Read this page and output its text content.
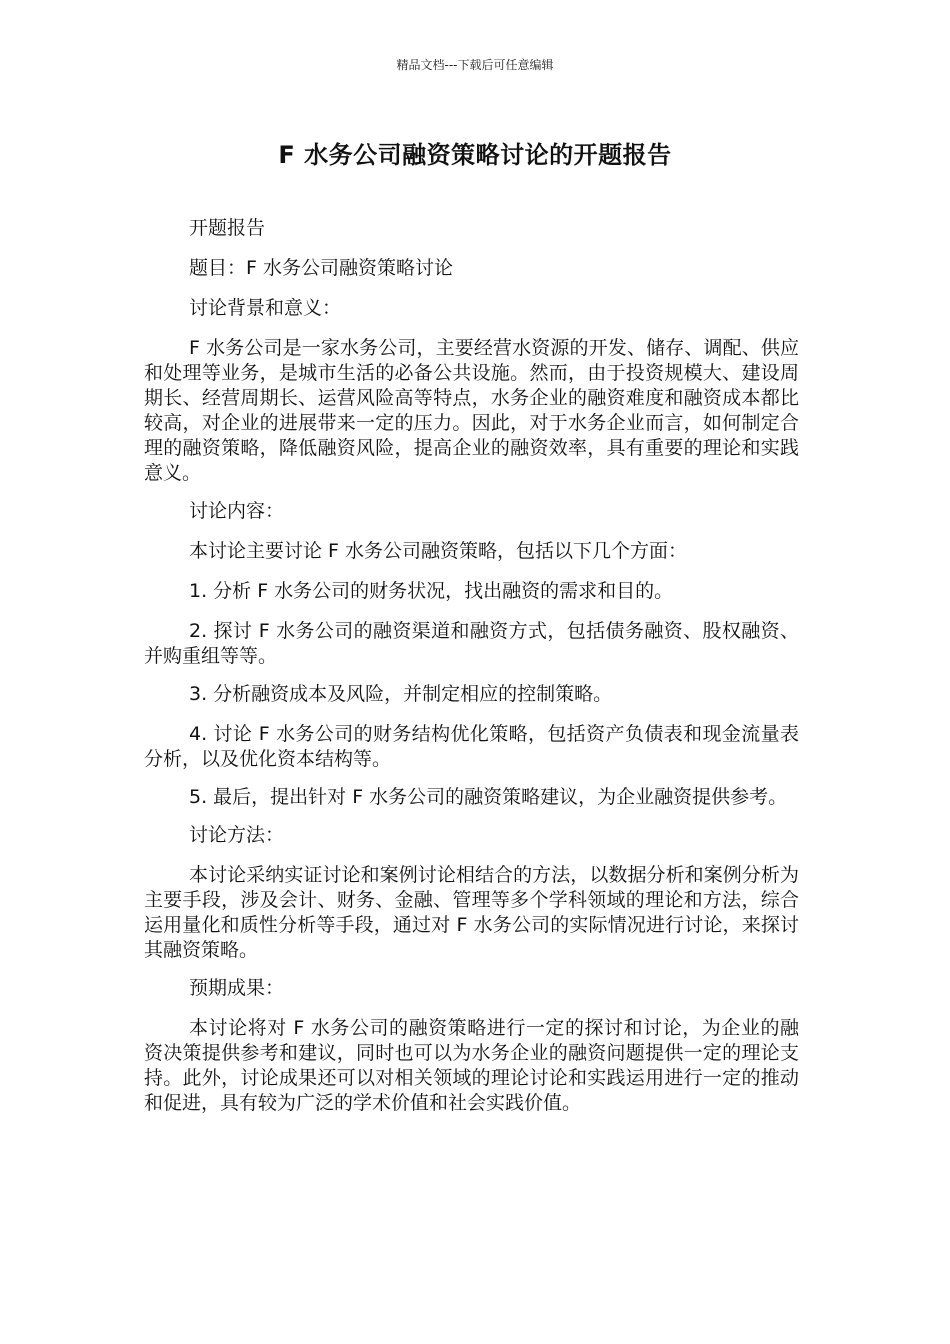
精品文档---下载后可任意编辑
F 水务公司融资策略讨论的开题报告

开题报告

题目：F 水务公司融资策略讨论

讨论背景和意义：

F 水务公司是一家水务公司，主要经营水资源的开发、储存、调配、供应和处理等业务，是城市生活的必备公共设施。然而，由于投资规模大、建设周期长、经营周期长、运营风险高等特点，水务企业的融资难度和融资成本都比较高，对企业的进展带来一定的压力。因此，对于水务企业而言，如何制定合理的融资策略，降低融资风险，提高企业的融资效率，具有重要的理论和实践意义。

讨论内容：

本讨论主要讨论 F 水务公司融资策略，包括以下几个方面：

1. 分析 F 水务公司的财务状况，找出融资的需求和目的。

2. 探讨 F 水务公司的融资渠道和融资方式，包括债务融资、股权融资、并购重组等等。

3. 分析融资成本及风险，并制定相应的控制策略。

4. 讨论 F 水务公司的财务结构优化策略，包括资产负债表和现金流量表分析，以及优化资本结构等。

5. 最后，提出针对 F 水务公司的融资策略建议，为企业融资提供参考。

讨论方法：

本讨论采纳实证讨论和案例讨论相结合的方法，以数据分析和案例分析为主要手段，涉及会计、财务、金融、管理等多个学科领域的理论和方法，综合运用量化和质性分析等手段，通过对 F 水务公司的实际情况进行讨论，来探讨其融资策略。

预期成果：

本讨论将对 F 水务公司的融资策略进行一定的探讨和讨论，为企业的融资决策提供参考和建议，同时也可以为水务企业的融资问题提供一定的理论支持。此外，讨论成果还可以对相关领域的理论讨论和实践运用进行一定的推动和促进，具有较为广泛的学术价值和社会实践价值。
